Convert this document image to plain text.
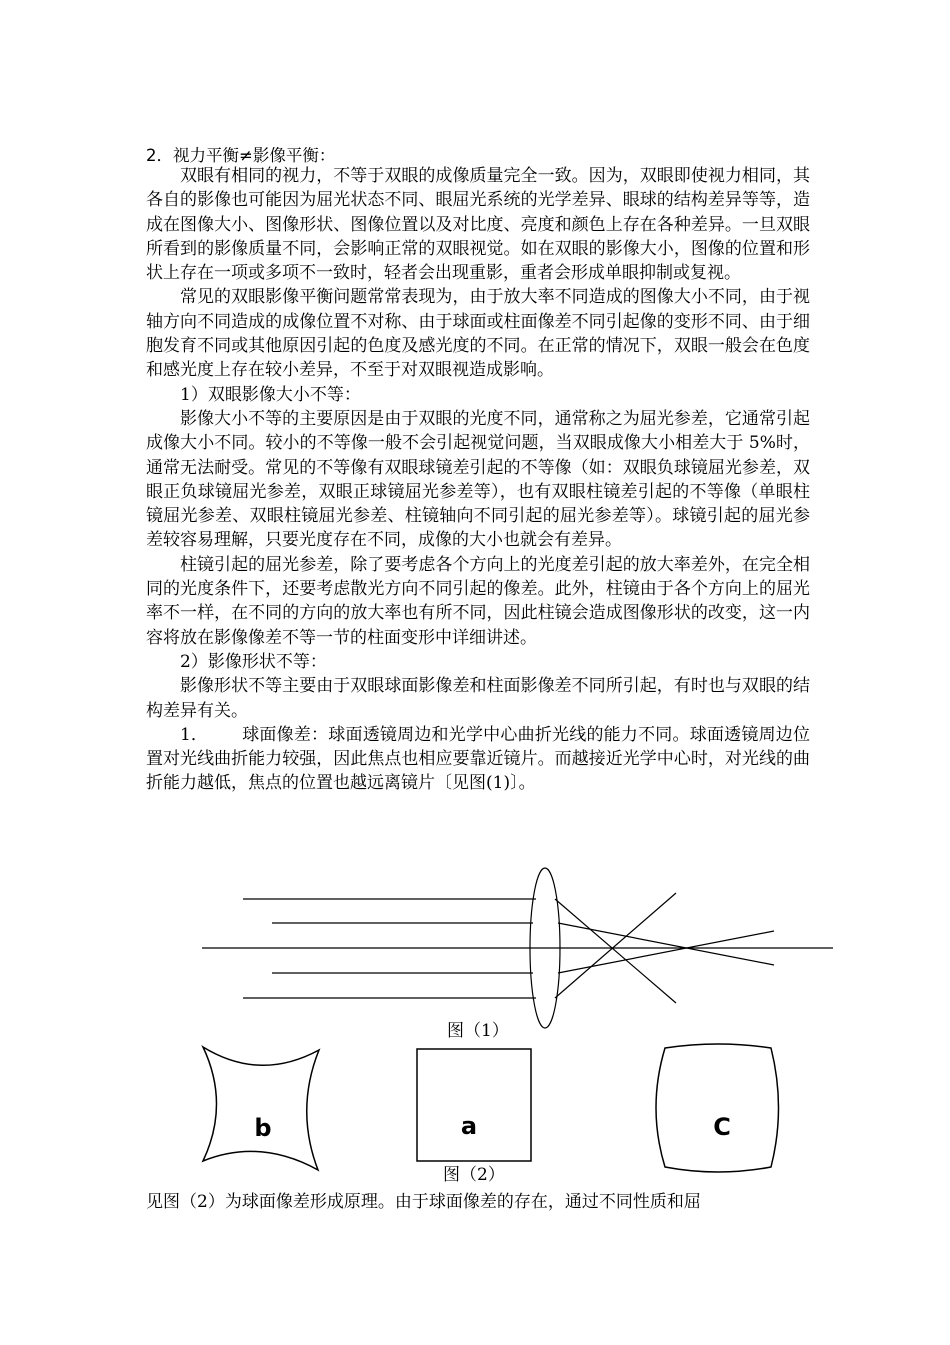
2．视力平衡≠影像平衡：

双眼有相同的视力，不等于双眼的成像质量完全一致。因为，双眼即使视力相同，其各自的影像也可能因为屈光状态不同、眼屈光系统的光学差异、眼球的结构差异等等，造成在图像大小、图像形状、图像位置以及对比度、亮度和颜色上存在各种差异。一旦双眼所看到的影像质量不同，会影响正常的双眼视觉。如在双眼的影像大小，图像的位置和形状上存在一项或多项不一致时，轻者会出现重影，重者会形成单眼抑制或复视。

常见的双眼影像平衡问题常常表现为，由于放大率不同造成的图像大小不同，由于视轴方向不同造成的成像位置不对称、由于球面或柱面像差不同引起像的变形不同、由于细胞发育不同或其他原因引起的色度及感光度的不同。在正常的情况下，双眼一般会在色度和感光度上存在较小差异，不至于对双眼视造成影响。

1）双眼影像大小不等：

影像大小不等的主要原因是由于双眼的光度不同，通常称之为屈光参差，它通常引起成像大小不同。较小的不等像一般不会引起视觉问题，当双眼成像大小相差大于 5%时，通常无法耐受。常见的不等像有双眼球镜差引起的不等像（如：双眼负球镜屈光参差，双眼正负球镜屈光参差，双眼正球镜屈光参差等），也有双眼柱镜差引起的不等像（单眼柱镜屈光参差、双眼柱镜屈光参差、柱镜轴向不同引起的屈光参差等）。球镜引起的屈光参差较容易理解，只要光度存在不同，成像的大小也就会有差异。

柱镜引起的屈光参差，除了要考虑各个方向上的光度差引起的放大率差外，在完全相同的光度条件下，还要考虑散光方向不同引起的像差。此外，柱镜由于各个方向上的屈光率不一样，在不同的方向的放大率也有所不同，因此柱镜会造成图像形状的改变，这一内容将放在影像像差不等一节的柱面变形中详细讲述。

2）影像形状不等：

影像形状不等主要由于双眼球面影像差和柱面影像差不同所引起，有时也与双眼的结构差异有关。

1． 球面像差：球面透镜周边和光学中心曲折光线的能力不同。球面透镜周边位置对光线曲折能力较强，因此焦点也相应要靠近镜片。而越接近光学中心时，对光线的曲折能力越低，焦点的位置也越远离镜片〔见图(1)〕。

图（1）
b	a	C
图（2）
见图（2）为球面像差形成原理。由于球面像差的存在，通过不同性质和屈
